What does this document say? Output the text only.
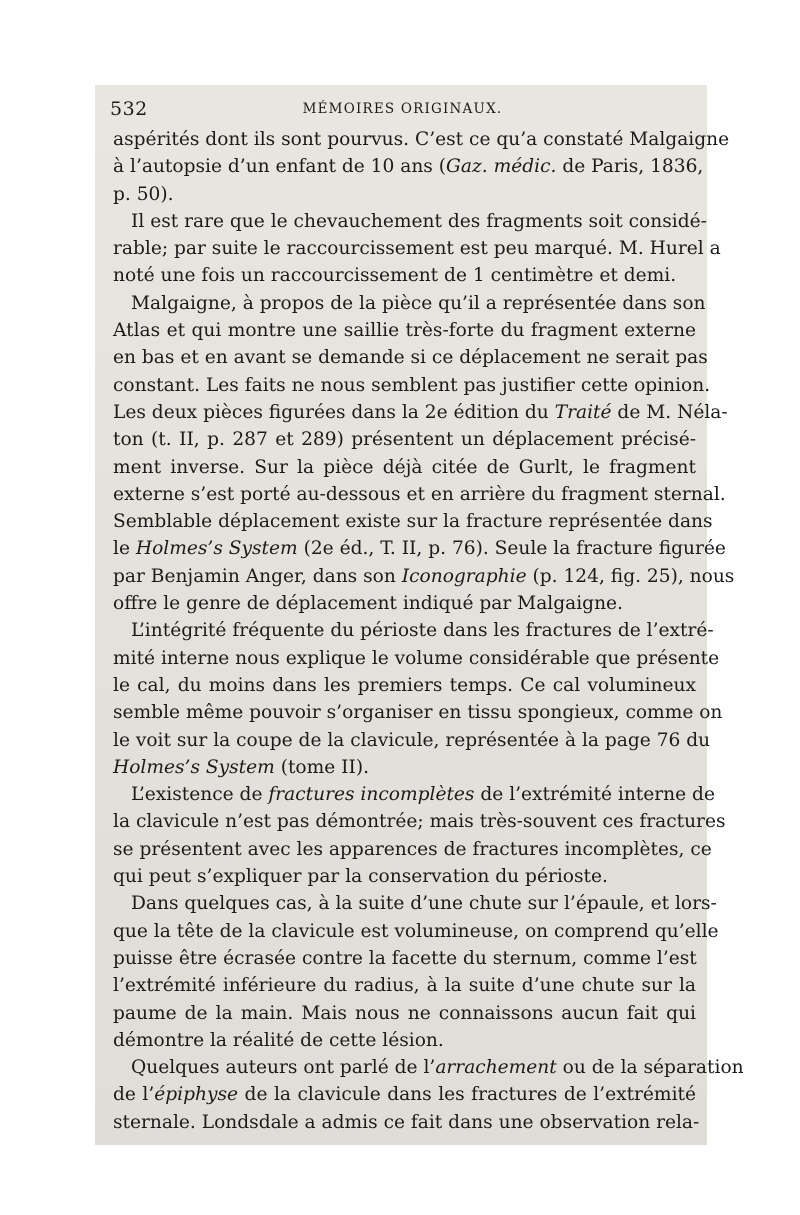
532	MÉMOIRES ORIGINAUX.
aspérités dont ils sont pourvus. C’est ce qu’a constaté Malgaigne
à l’autopsie d’un enfant de 10 ans (Gaz. médic. de Paris, 1836,
p. 50).
Il est rare que le chevauchement des fragments soit considé-
rable; par suite le raccourcissement est peu marqué. M. Hurel a
noté une fois un raccourcissement de 1 centimètre et demi.
Malgaigne, à propos de la pièce qu’il a représentée dans son
Atlas et qui montre une saillie très-forte du fragment externe
en bas et en avant se demande si ce déplacement ne serait pas
constant. Les faits ne nous semblent pas justifier cette opinion.
Les deux pièces figurées dans la 2e édition du Traité de M. Néla-
ton (t. II, p. 287 et 289) présentent un déplacement précisé-
ment inverse. Sur la pièce déjà citée de Gurlt, le fragment
externe s’est porté au-dessous et en arrière du fragment sternal.
Semblable déplacement existe sur la fracture représentée dans
le Holmes’s System (2e éd., T. II, p. 76). Seule la fracture figurée
par Benjamin Anger, dans son Iconographie (p. 124, fig. 25), nous
offre le genre de déplacement indiqué par Malgaigne.
L’intégrité fréquente du périoste dans les fractures de l’extré-
mité interne nous explique le volume considérable que présente
le cal, du moins dans les premiers temps. Ce cal volumineux
semble même pouvoir s’organiser en tissu spongieux, comme on
le voit sur la coupe de la clavicule, représentée à la page 76 du
Holmes’s System (tome II).
L’existence de fractures incomplètes de l’extrémité interne de
la clavicule n’est pas démontrée; mais très-souvent ces fractures
se présentent avec les apparences de fractures incomplètes, ce
qui peut s’expliquer par la conservation du périoste.
Dans quelques cas, à la suite d’une chute sur l’épaule, et lors-
que la tête de la clavicule est volumineuse, on comprend qu’elle
puisse être écrasée contre la facette du sternum, comme l’est
l’extrémité inférieure du radius, à la suite d’une chute sur la
paume de la main. Mais nous ne connaissons aucun fait qui
démontre la réalité de cette lésion.
Quelques auteurs ont parlé de l’arrachement ou de la séparation
de l’épiphyse de la clavicule dans les fractures de l’extrémité
sternale. Londsdale a admis ce fait dans une observation rela-
